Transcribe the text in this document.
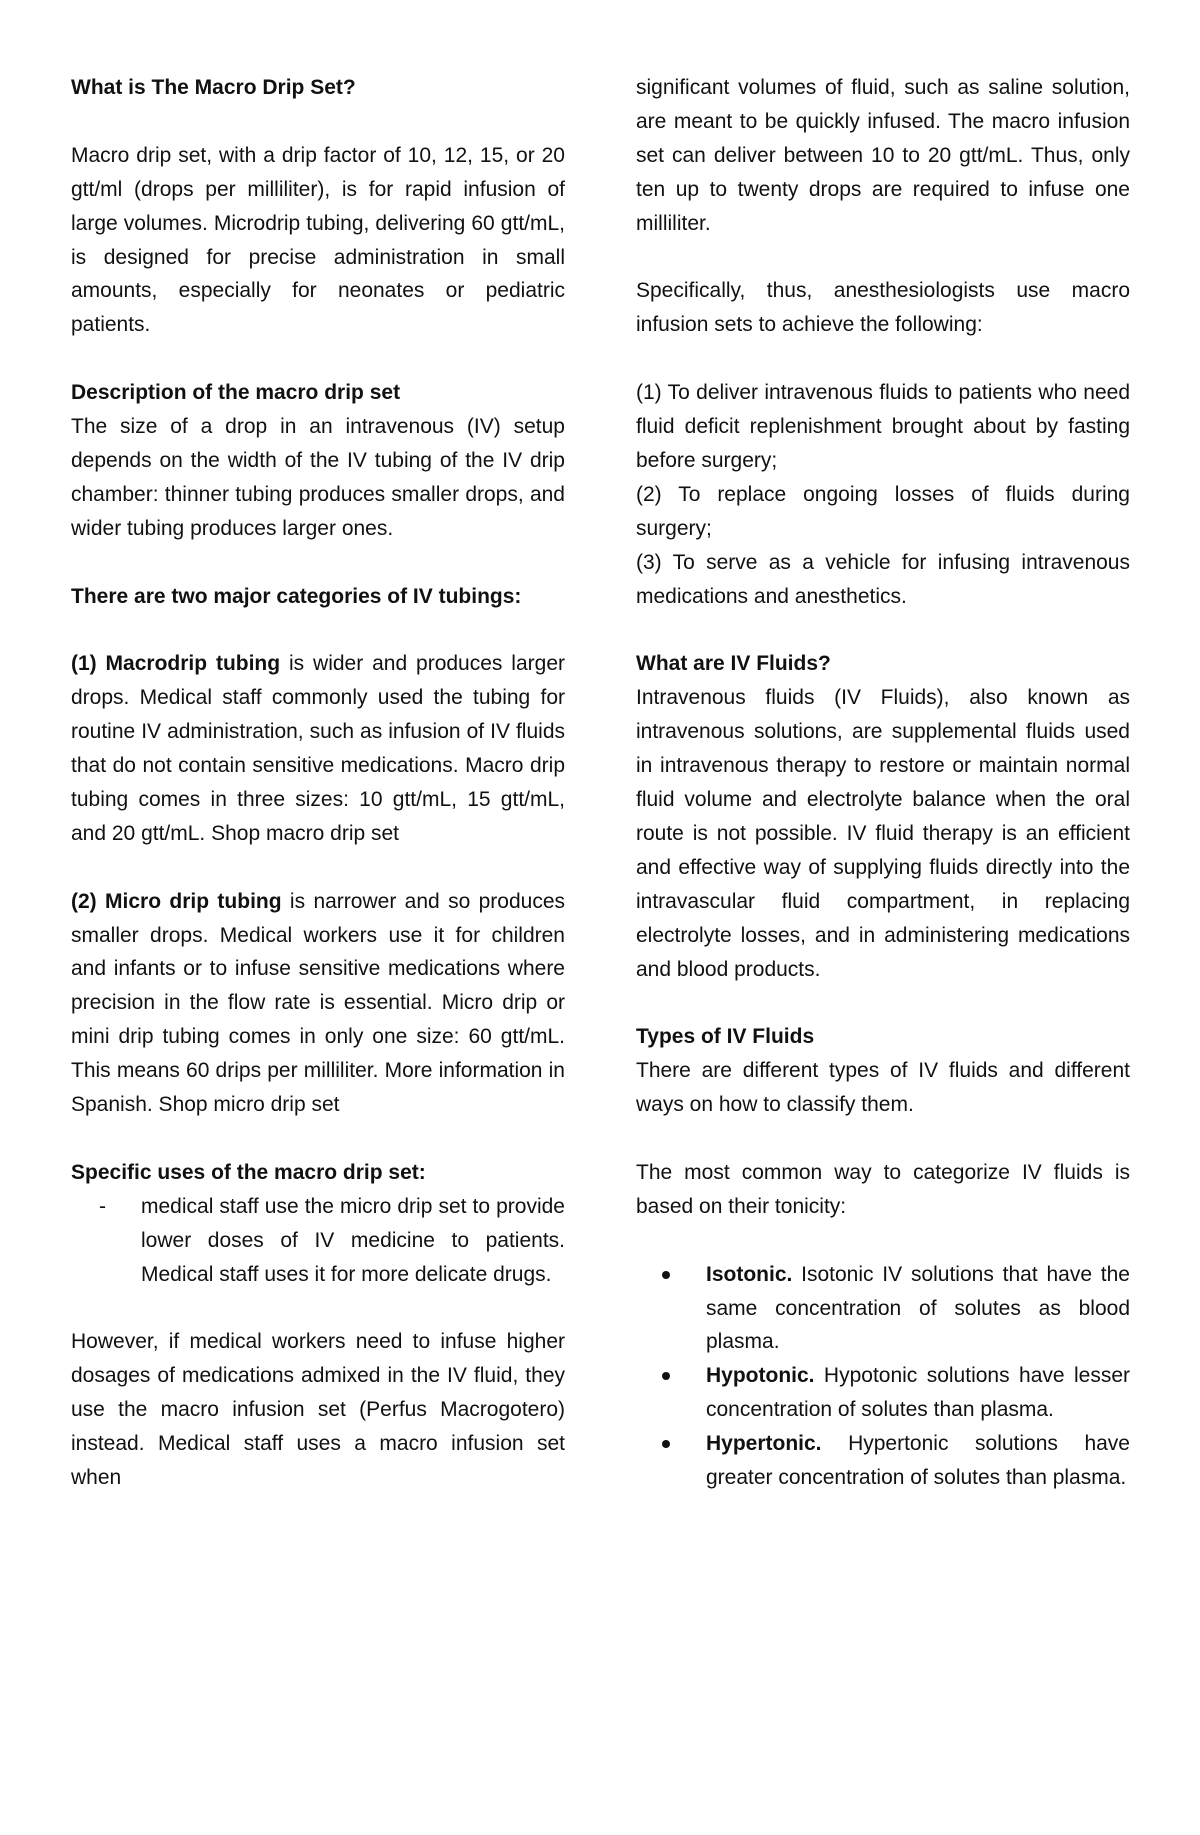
What is The Macro Drip Set?

Macro drip set, with a drip factor of 10, 12, 15, or 20 gtt/ml (drops per milliliter), is for rapid infusion of large volumes. Microdrip tubing, delivering 60 gtt/mL, is designed for precise administration in small amounts, especially for neonates or pediatric patients.

Description of the macro drip set

The size of a drop in an intravenous (IV) setup depends on the width of the IV tubing of the IV drip chamber: thinner tubing produces smaller drops, and wider tubing produces larger ones.

There are two major categories of IV tubings:

(1) Macrodrip tubing is wider and produces larger drops. Medical staff commonly used the tubing for routine IV administration, such as infusion of IV fluids that do not contain sensitive medications. Macro drip tubing comes in three sizes: 10 gtt/mL, 15 gtt/mL, and 20 gtt/mL. Shop macro drip set

(2) Micro drip tubing is narrower and so produces smaller drops. Medical workers use it for children and infants or to infuse sensitive medications where precision in the flow rate is essential. Micro drip or mini drip tubing comes in only one size: 60 gtt/mL. This means 60 drips per milliliter. More information in Spanish. Shop micro drip set

Specific uses of the macro drip set:

- medical staff use the micro drip set to provide lower doses of IV medicine to patients. Medical staff uses it for more delicate drugs.

However, if medical workers need to infuse higher dosages of medications admixed in the IV fluid, they use the macro infusion set (Perfus Macrogotero) instead. Medical staff uses a macro infusion set when

significant volumes of fluid, such as saline solution, are meant to be quickly infused. The macro infusion set can deliver between 10 to 20 gtt/mL. Thus, only ten up to twenty drops are required to infuse one milliliter.

Specifically, thus, anesthesiologists use macro infusion sets to achieve the following:

(1) To deliver intravenous fluids to patients who need fluid deficit replenishment brought about by fasting before surgery;

(2) To replace ongoing losses of fluids during surgery;

(3) To serve as a vehicle for infusing intravenous medications and anesthetics.

What are IV Fluids?

Intravenous fluids (IV Fluids), also known as intravenous solutions, are supplemental fluids used in intravenous therapy to restore or maintain normal fluid volume and electrolyte balance when the oral route is not possible. IV fluid therapy is an efficient and effective way of supplying fluids directly into the intravascular fluid compartment, in replacing electrolyte losses, and in administering medications and blood products.

Types of IV Fluids

There are different types of IV fluids and different ways on how to classify them.

The most common way to categorize IV fluids is based on their tonicity:

Isotonic. Isotonic IV solutions that have the same concentration of solutes as blood plasma.
Hypotonic. Hypotonic solutions have lesser concentration of solutes than plasma.
Hypertonic. Hypertonic solutions have greater concentration of solutes than plasma.
